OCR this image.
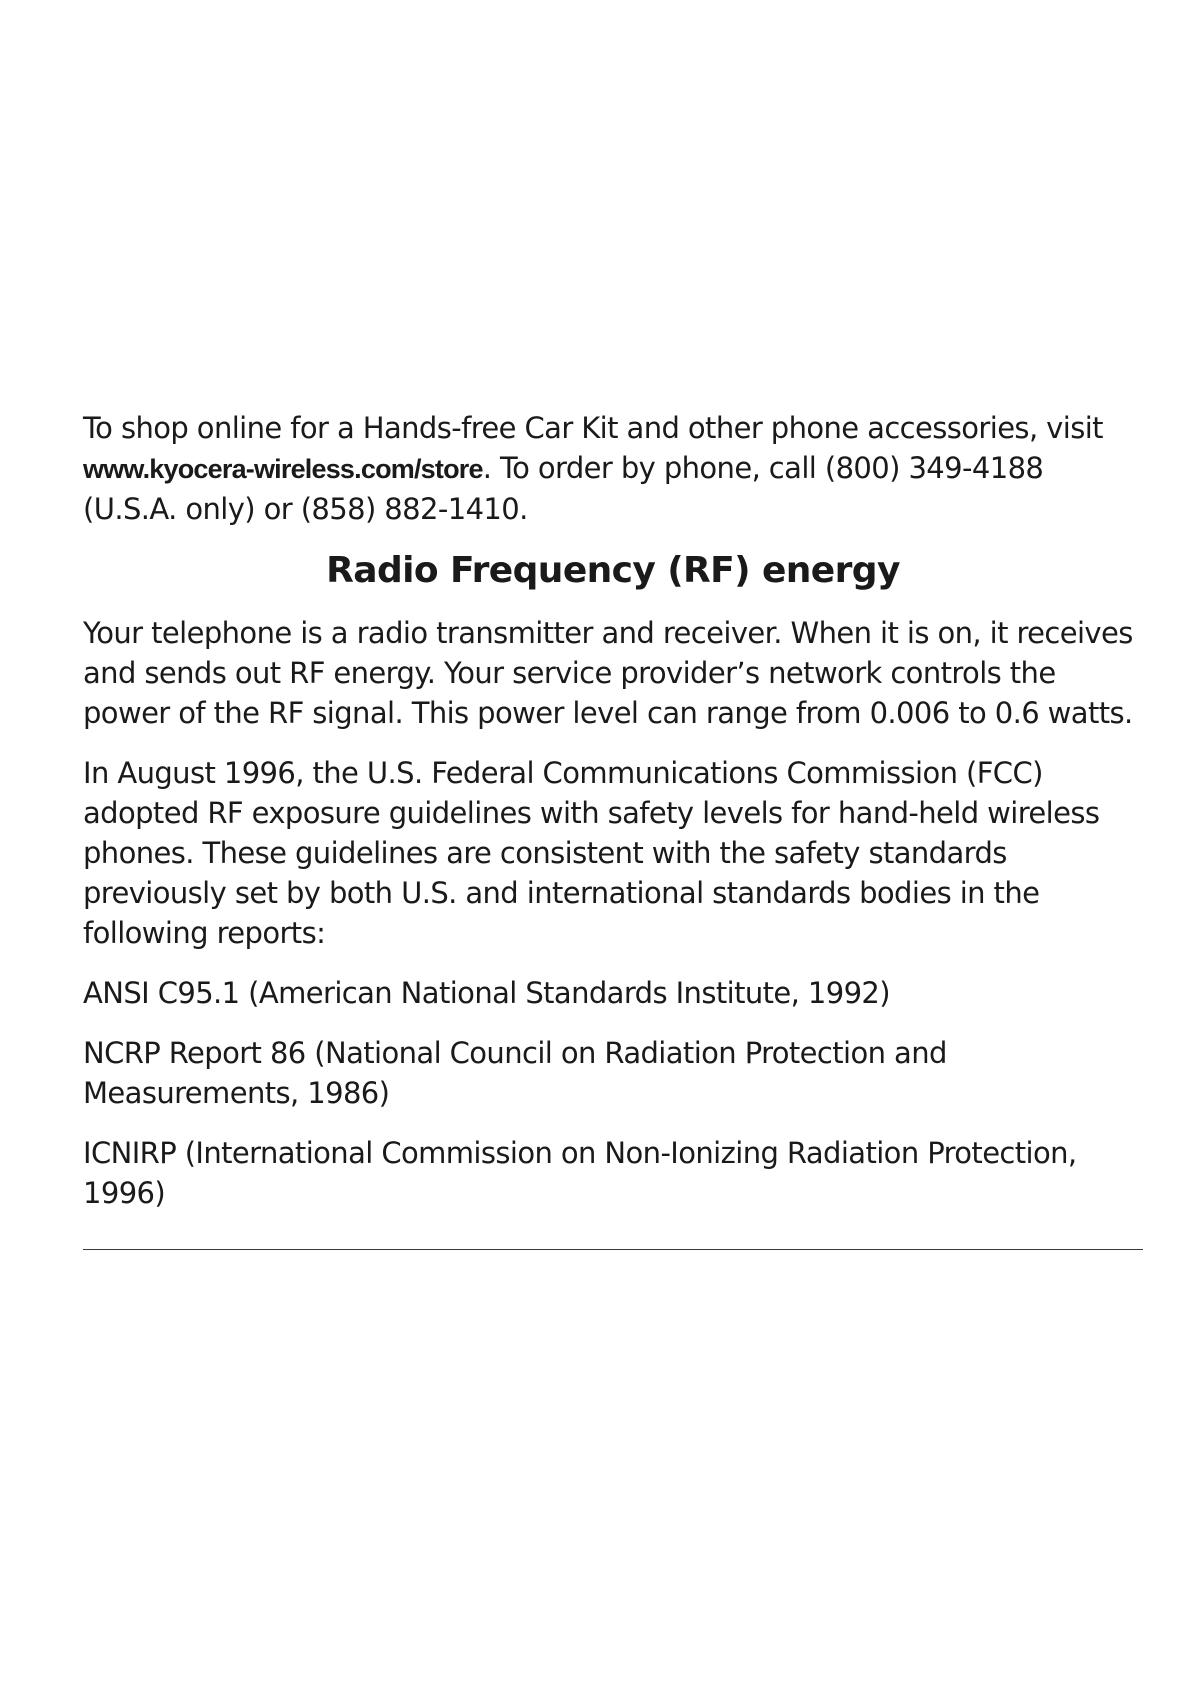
To shop online for a Hands-free Car Kit and other phone accessories, visit www.kyocera-wireless.com/store. To order by phone, call (800) 349-4188 (U.S.A. only) or (858) 882-1410.

Radio Frequency (RF) energy

Your telephone is a radio transmitter and receiver. When it is on, it receives and sends out RF energy. Your service provider’s network controls the power of the RF signal. This power level can range from 0.006 to 0.6 watts.

In August 1996, the U.S. Federal Communications Commission (FCC) adopted RF exposure guidelines with safety levels for hand-held wireless phones. These guidelines are consistent with the safety standards previously set by both U.S. and international standards bodies in the following reports:

ANSI C95.1 (American National Standards Institute, 1992)

NCRP Report 86 (National Council on Radiation Protection and Measurements, 1986)

ICNIRP (International Commission on Non-Ionizing Radiation Protection, 1996)
